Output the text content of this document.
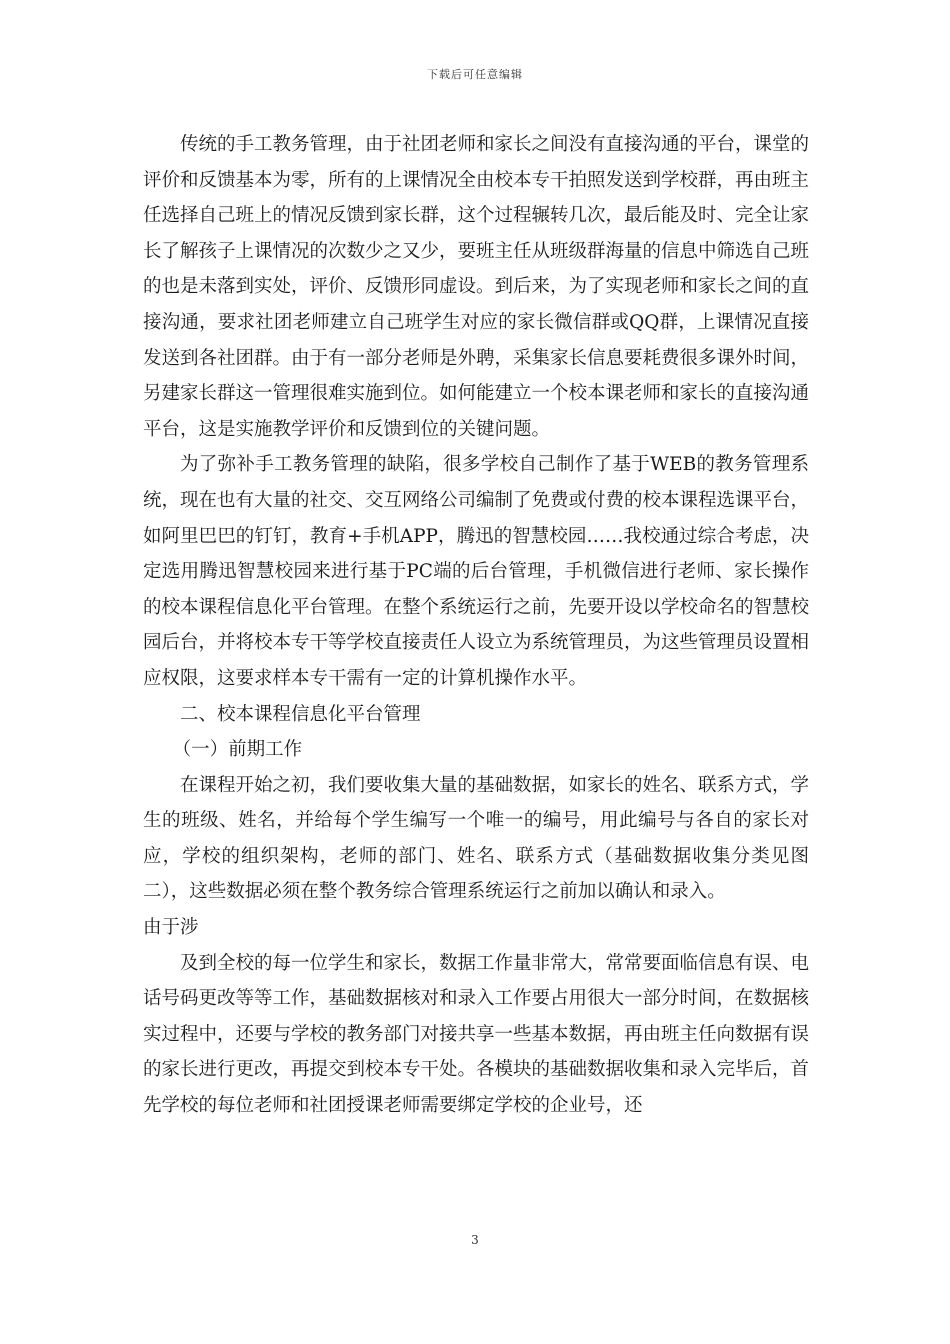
下载后可任意编辑

传统的手工教务管理，由于社团老师和家长之间没有直接沟通的平台，课堂的评价和反馈基本为零，所有的上课情况全由校本专干拍照发送到学校群，再由班主任选择自己班上的情况反馈到家长群，这个过程辗转几次，最后能及时、完全让家长了解孩子上课情况的次数少之又少，要班主任从班级群海量的信息中筛选自己班的也是未落到实处，评价、反馈形同虚设。到后来，为了实现老师和家长之间的直接沟通，要求社团老师建立自己班学生对应的家长微信群或QQ群，上课情况直接发送到各社团群。由于有一部分老师是外聘，采集家长信息要耗费很多课外时间，另建家长群这一管理很难实施到位。如何能建立一个校本课老师和家长的直接沟通平台，这是实施教学评价和反馈到位的关键问题。

为了弥补手工教务管理的缺陷，很多学校自己制作了基于WEB的教务管理系统，现在也有大量的社交、交互网络公司编制了免费或付费的校本课程选课平台，如阿里巴巴的钉钉，教育+手机APP，腾迅的智慧校园……我校通过综合考虑，决定选用腾迅智慧校园来进行基于PC端的后台管理，手机微信进行老师、家长操作的校本课程信息化平台管理。在整个系统运行之前，先要开设以学校命名的智慧校园后台，并将校本专干等学校直接责任人设立为系统管理员，为这些管理员设置相应权限，这要求样本专干需有一定的计算机操作水平。

二、校本课程信息化平台管理

（一）前期工作

在课程开始之初，我们要收集大量的基础数据，如家长的姓名、联系方式，学生的班级、姓名，并给每个学生编写一个唯一的编号，用此编号与各自的家长对应，学校的组织架构，老师的部门、姓名、联系方式（基础数据收集分类见图二），这些数据必须在整个教务综合管理系统运行之前加以确认和录入。

由于涉

及到全校的每一位学生和家长，数据工作量非常大，常常要面临信息有误、电话号码更改等等工作，基础数据核对和录入工作要占用很大一部分时间，在数据核实过程中，还要与学校的教务部门对接共享一些基本数据，再由班主任向数据有误的家长进行更改，再提交到校本专干处。各模块的基础数据收集和录入完毕后，首先学校的每位老师和社团授课老师需要绑定学校的企业号，还

3
